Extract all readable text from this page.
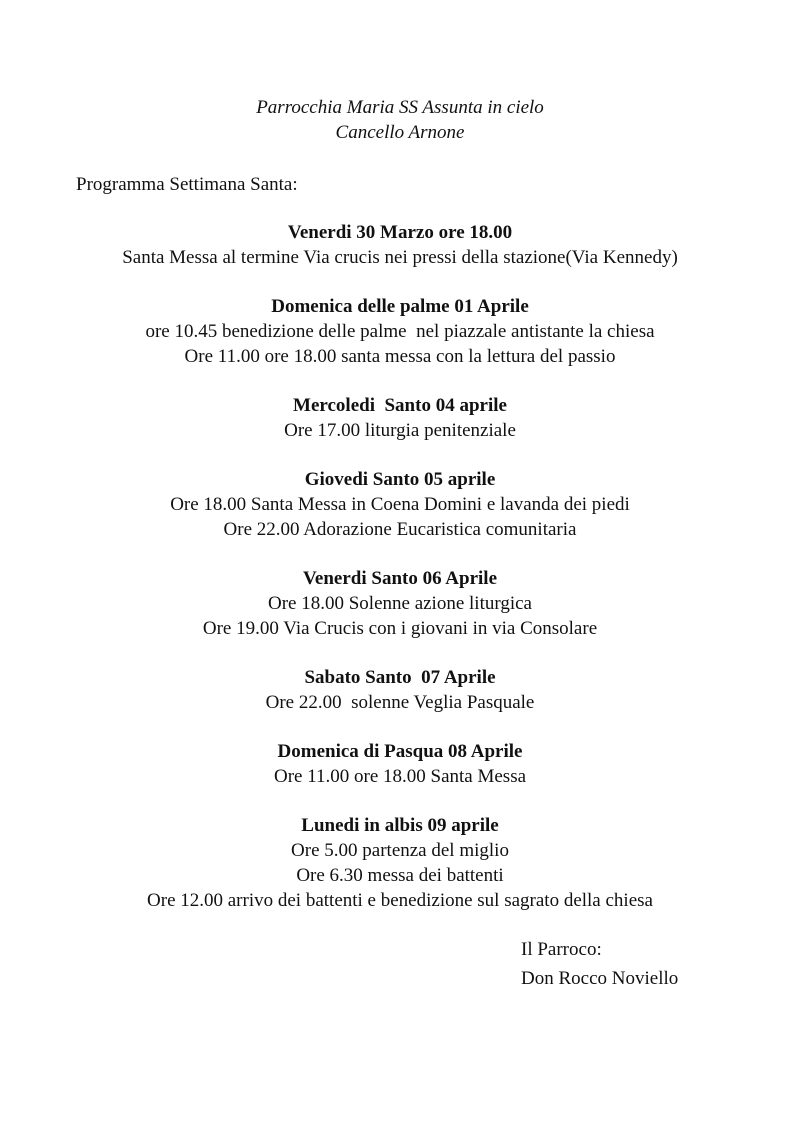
Parrocchia Maria SS Assunta in cielo
Cancello Arnone
Programma Settimana Santa:
Venerdi 30 Marzo ore 18.00
Santa Messa al termine Via crucis nei pressi della stazione(Via Kennedy)
Domenica delle palme 01 Aprile
ore 10.45 benedizione delle palme  nel piazzale antistante la chiesa
Ore 11.00 ore 18.00 santa messa con la lettura del passio
Mercoledi  Santo 04 aprile
Ore 17.00 liturgia penitenziale
Giovedi Santo 05 aprile
Ore 18.00 Santa Messa in Coena Domini e lavanda dei piedi
Ore 22.00 Adorazione Eucaristica comunitaria
Venerdi Santo 06 Aprile
Ore 18.00 Solenne azione liturgica
Ore 19.00 Via Crucis con i giovani in via Consolare
Sabato Santo  07 Aprile
Ore 22.00  solenne Veglia Pasquale
Domenica di Pasqua 08 Aprile
Ore 11.00 ore 18.00 Santa Messa
Lunedi in albis 09 aprile
Ore 5.00 partenza del miglio
Ore 6.30 messa dei battenti
Ore 12.00 arrivo dei battenti e benedizione sul sagrato della chiesa
Il Parroco:
Don Rocco Noviello
